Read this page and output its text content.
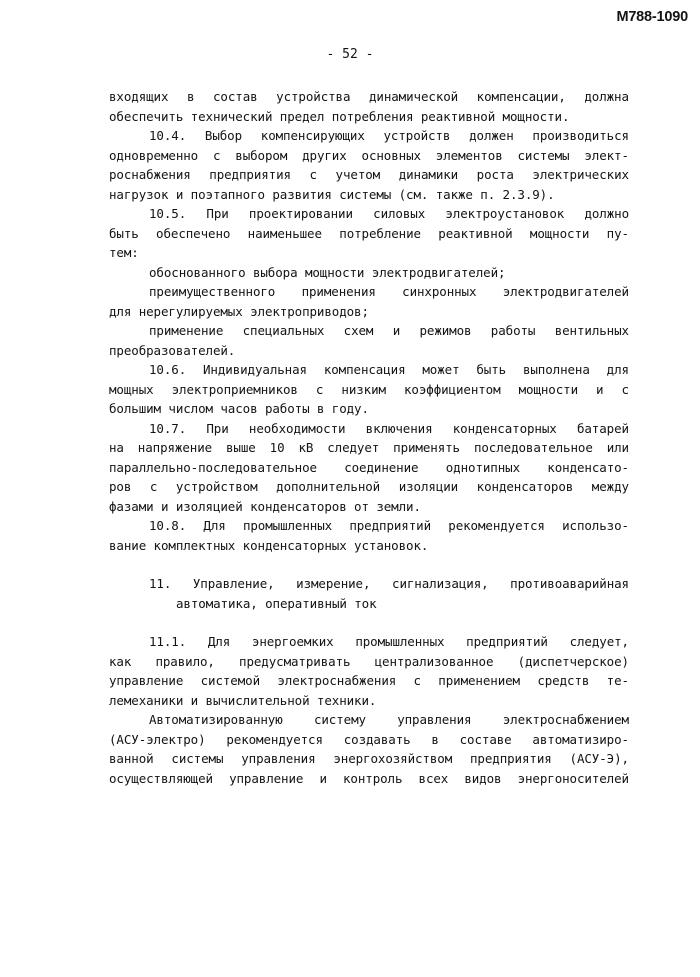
М788-1090
- 52 -
входящих в состав устройства динамической компенсации, должна
обеспечить технический предел потребления реактивной мощности.
10.4. Выбор компенсирующих устройств должен производиться
одновременно с выбором других основных элементов системы элект-
роснабжения предприятия с учетом динамики роста электрических
нагрузок и поэтапного развития системы (см. также п. 2.3.9).
10.5. При проектировании силовых электроустановок должно
быть обеспечено наименьшее потребление реактивной мощности пу-
тем:
обоснованного выбора мощности электродвигателей;
преимущественного применения синхронных электродвигателей
для нерегулируемых электроприводов;
применение специальных схем и режимов работы вентильных
преобразователей.
10.6. Индивидуальная компенсация может быть выполнена для
мощных электроприемников с низким коэффициентом мощности и с
большим числом часов работы в году.
10.7. При необходимости включения конденсаторных батарей
на напряжение выше 10 кВ следует применять последовательное или
параллельно-последовательное соединение однотипных конденсато-
ров с устройством дополнительной изоляции конденсаторов между
фазами и изоляцией конденсаторов от земли.
10.8. Для промышленных предприятий рекомендуется использо-
вание комплектных конденсаторных установок.
11. Управление, измерение, сигнализация, противоаварийная
автоматика, оперативный ток
11.1. Для энергоемких промышленных предприятий следует,
как правило, предусматривать централизованное (диспетчерское)
управление системой электроснабжения с применением средств те-
лемеханики и вычислительной техники.
Автоматизированную	систему	управления	электроснабжением
(АСУ-электро) рекомендуется создавать в составе автоматизиро-
ванной системы управления энергохозяйством предприятия (АСУ-Э),
осуществляющей управление и контроль всех видов энергоносителей
